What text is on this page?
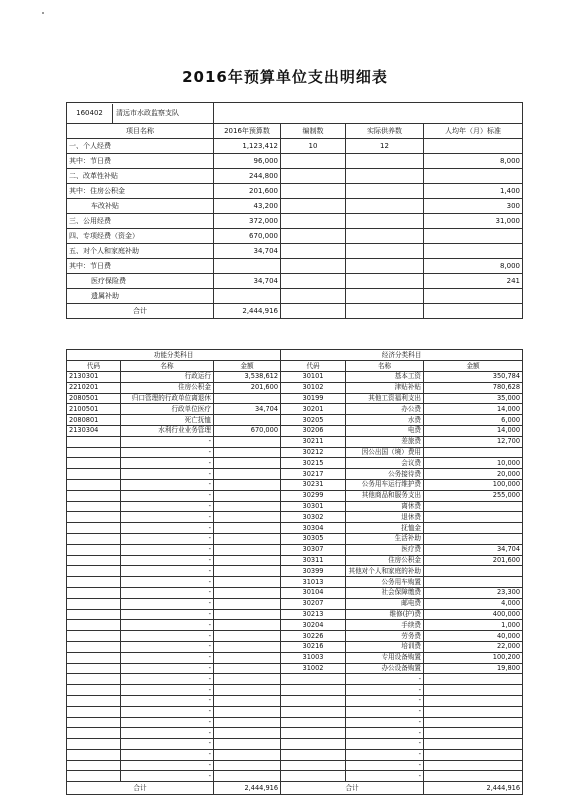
2016年预算单位支出明细表
160402 清远市水政监察支队				

项目名称	2016年预算数	编制数	实际供养数	人均年（月）标准
一、个人经费	1,123,412	10	12	
其中：节日费	96,000			8,000
二、改革性补贴	244,800			
其中：住房公积金	201,600			1,400
车改补贴	43,200			300
三、公用经费	372,000			31,000
四、专项经费（资金）	670,000			
五、对个人和家庭补助	34,704			
其中：节日费				8,000
医疗保险费	34,704			241
遗属补助				
合计	2,444,916			
功能分类科目			经济分类科目		
代码	名称	金额	代码	名称	金额
2130301	行政运行	3,538,612	30101	基本工资	350,784
2210201	住房公积金	201,600	30102	津贴补贴	780,628
2080501	归口管理的行政单位离退休		30199	其他工资福利支出	35,000
2100501	行政单位医疗	34,704	30201	办公费	14,000
2080801	死亡抚恤		30205	水费	6,000
2130304	水利行业业务管理	670,000	30206	电费	14,000
	-		30211	差旅费	12,700
	-		30212	因公出国（境）费用	
	-		30215	会议费	10,000
	-		30217	公务接待费	20,000
	-		30231	公务用车运行维护费	100,000
	-		30299	其他商品和服务支出	255,000
	-		30301	离休费	
	-		30302	退休费	
	-		30304	抚恤金	
	-		30305	生活补助	
	-		30307	医疗费	34,704
	-		30311	住房公积金	201,600
	-		30399	其他对个人和家庭的补助	
	-		31013	公务用车购置	
	-		30104	社会保障缴费	23,300
	-		30207	邮电费	4,000
	-		30213	维修(护)费	400,000
	-		30204	手续费	1,000
	-		30226	劳务费	40,000
	-		30216	培训费	22,000
	-		31003	专用设备购置	100,200
	-		31002	办公设备购置	19,800
	-			-	
	-			-	
	-			-	
	-			-	
	-			-	
	-			-	
	-			-	
	-			-	
	-			-	
	-			-	
合计		2,444,916	合计		2,444,916
